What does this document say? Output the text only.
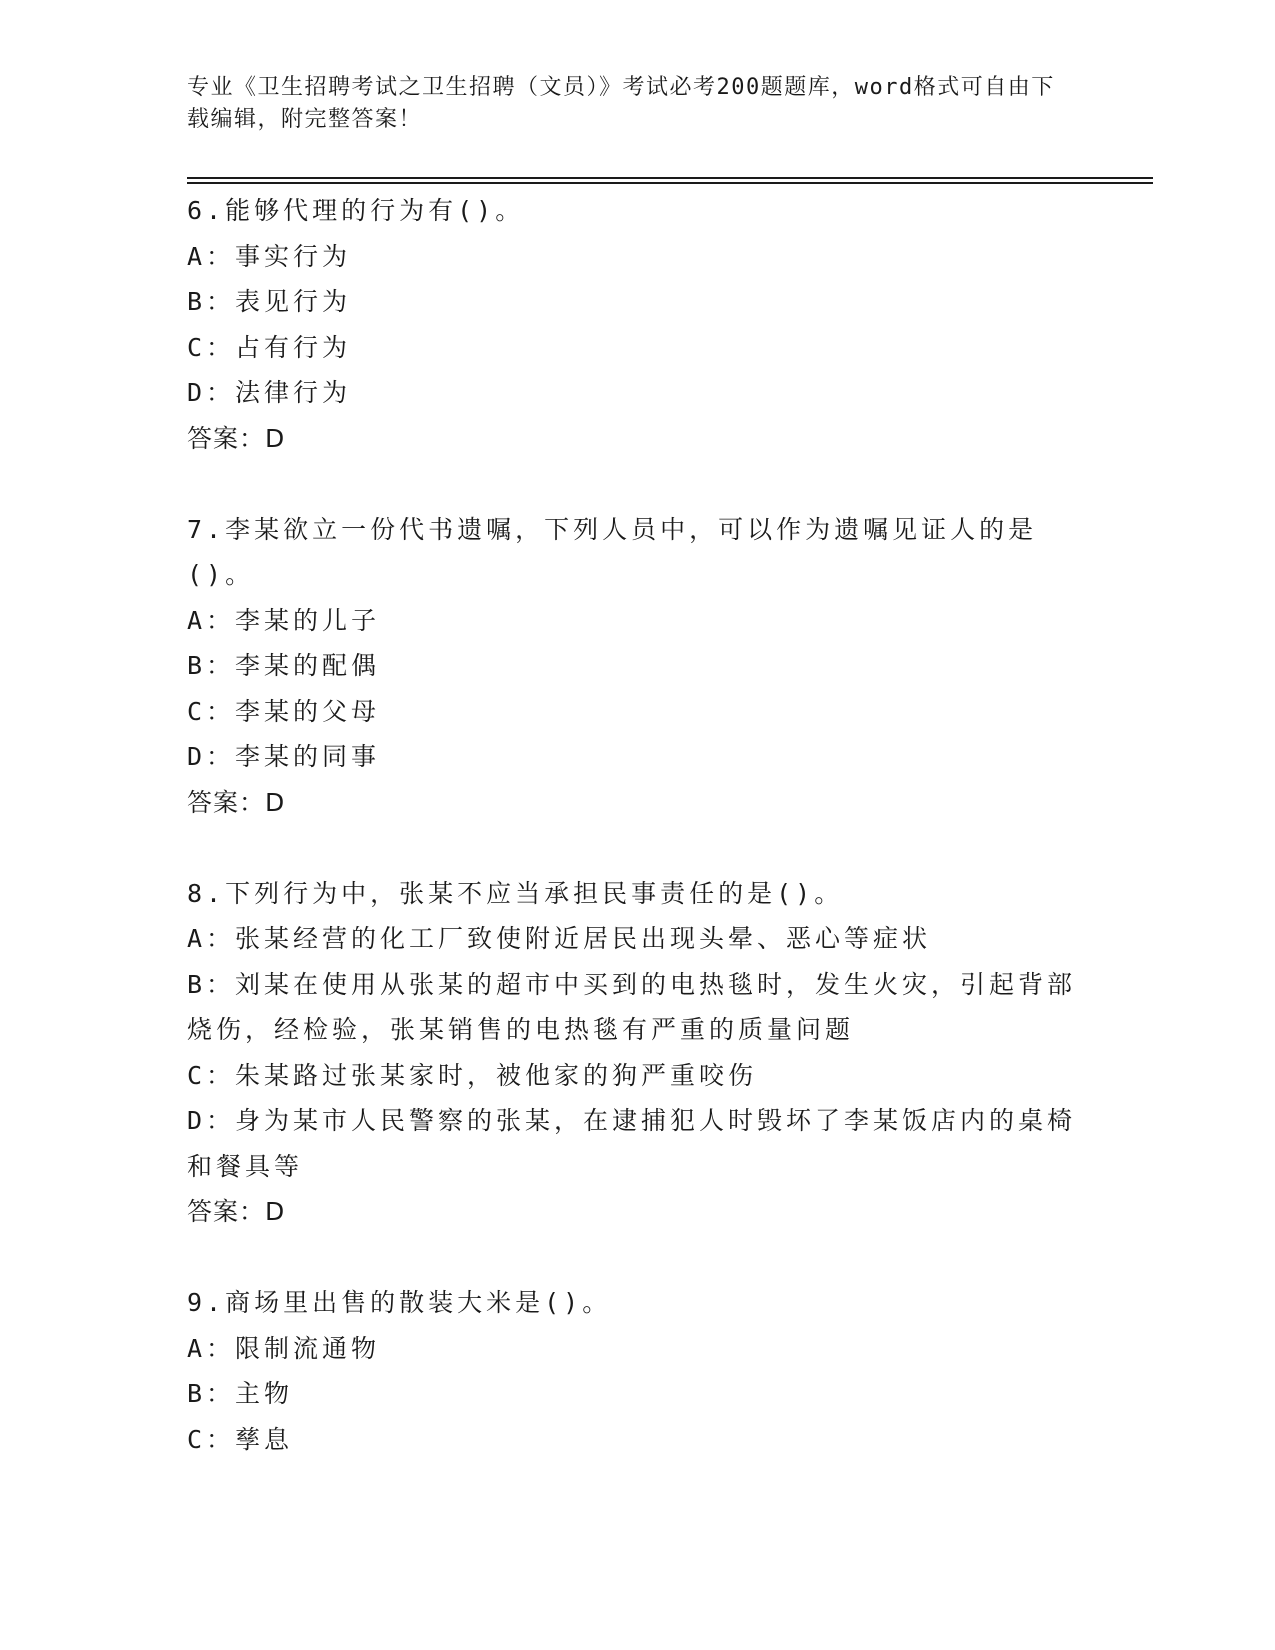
专业《卫生招聘考试之卫生招聘（文员）》考试必考200题题库，word格式可自由下载编辑，附完整答案！
6.能够代理的行为有()。
A：事实行为
B：表见行为
C：占有行为
D：法律行为
答案：D
7.李某欲立一份代书遗嘱，下列人员中，可以作为遗嘱见证人的是()。
A：李某的儿子
B：李某的配偶
C：李某的父母
D：李某的同事
答案：D
8.下列行为中，张某不应当承担民事责任的是()。
A：张某经营的化工厂致使附近居民出现头晕、恶心等症状
B：刘某在使用从张某的超市中买到的电热毯时，发生火灾，引起背部烧伤，经检验，张某销售的电热毯有严重的质量问题
C：朱某路过张某家时，被他家的狗严重咬伤
D：身为某市人民警察的张某，在逮捕犯人时毁坏了李某饭店内的桌椅和餐具等
答案：D
9.商场里出售的散装大米是()。
A：限制流通物
B：主物
C：孳息
